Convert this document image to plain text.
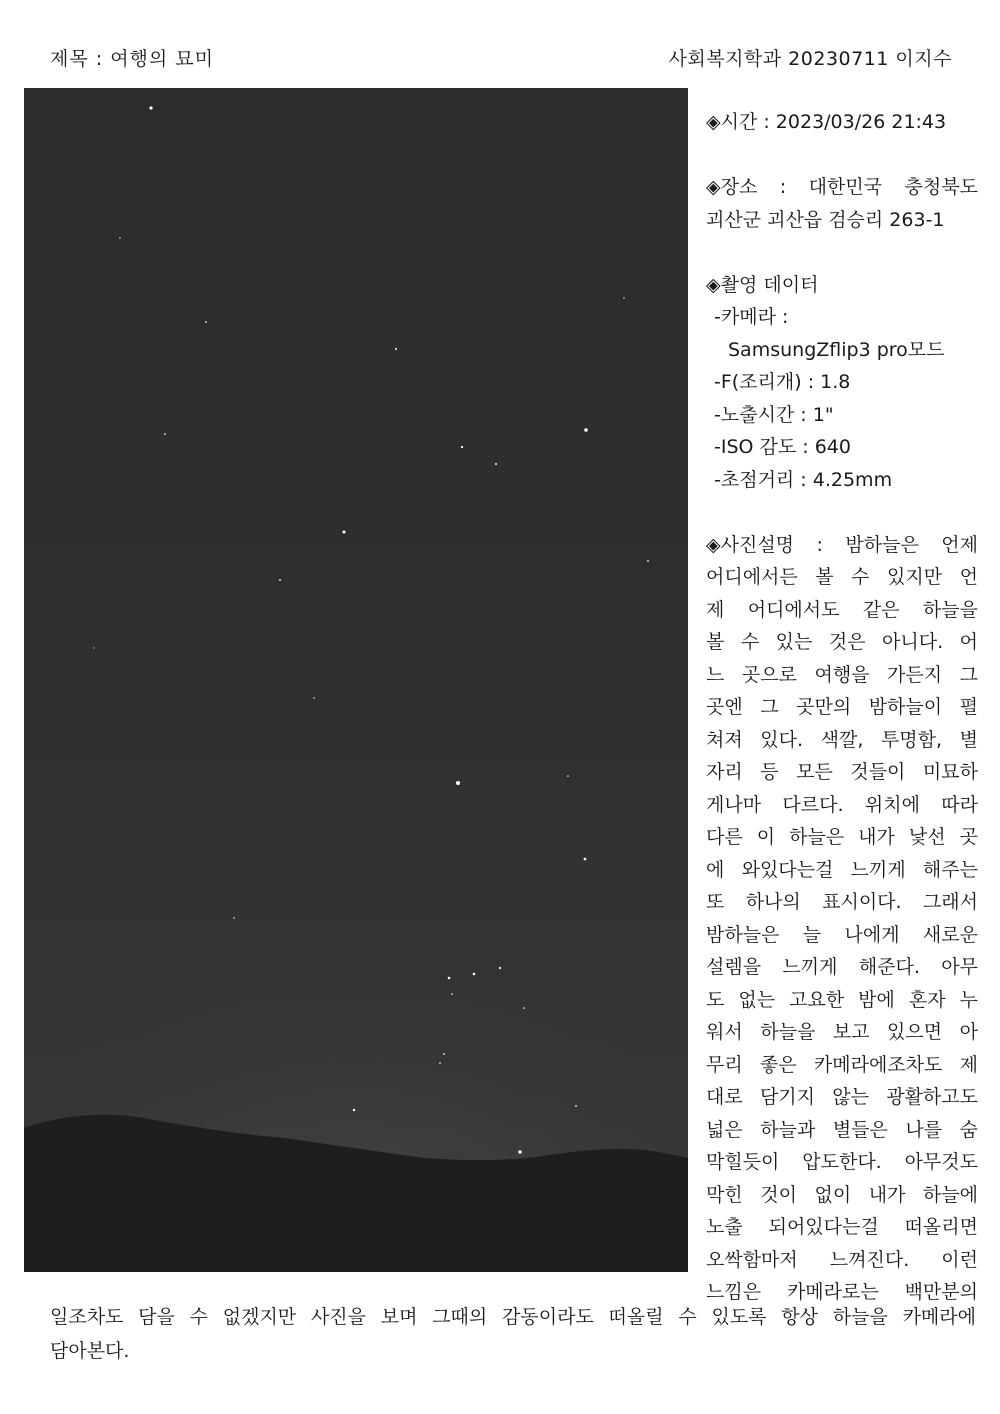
제목 : 여행의 묘미	사회복지학과 20230711 이지수
◈시간 : 2023/03/26 21:43
◈장소 : 대한민국 충청북도
괴산군 괴산읍 검승리 263-1
◈촬영 데이터
-카메라 :
SamsungZflip3 pro모드
-F(조리개) : 1.8
-노출시간 : 1"
-ISO 감도 : 640
-초점거리 : 4.25mm
◈사진설명 : 밤하늘은 언제
어디에서든 볼 수 있지만 언
제 어디에서도 같은 하늘을
볼 수 있는 것은 아니다. 어
느 곳으로 여행을 가든지 그
곳엔 그 곳만의 밤하늘이 펼
쳐져 있다. 색깔, 투명함, 별
자리 등 모든 것들이 미묘하
게나마 다르다. 위치에 따라
다른 이 하늘은 내가 낯선 곳
에 와있다는걸 느끼게 해주는
또 하나의 표시이다. 그래서
밤하늘은 늘 나에게 새로운
설렘을 느끼게 해준다. 아무
도 없는 고요한 밤에 혼자 누
워서 하늘을 보고 있으면 아
무리 좋은 카메라에조차도 제
대로 담기지 않는 광활하고도
넓은 하늘과 별들은 나를 숨
막힐듯이 압도한다. 아무것도
막힌 것이 없이 내가 하늘에
노출 되어있다는걸 떠올리면
오싹함마저 느껴진다. 이런
느낌은 카메라로는 백만분의
일조차도 담을 수 없겠지만 사진을 보며 그때의 감동이라도 떠올릴 수 있도록 항상 하늘을 카메라에
담아본다.
